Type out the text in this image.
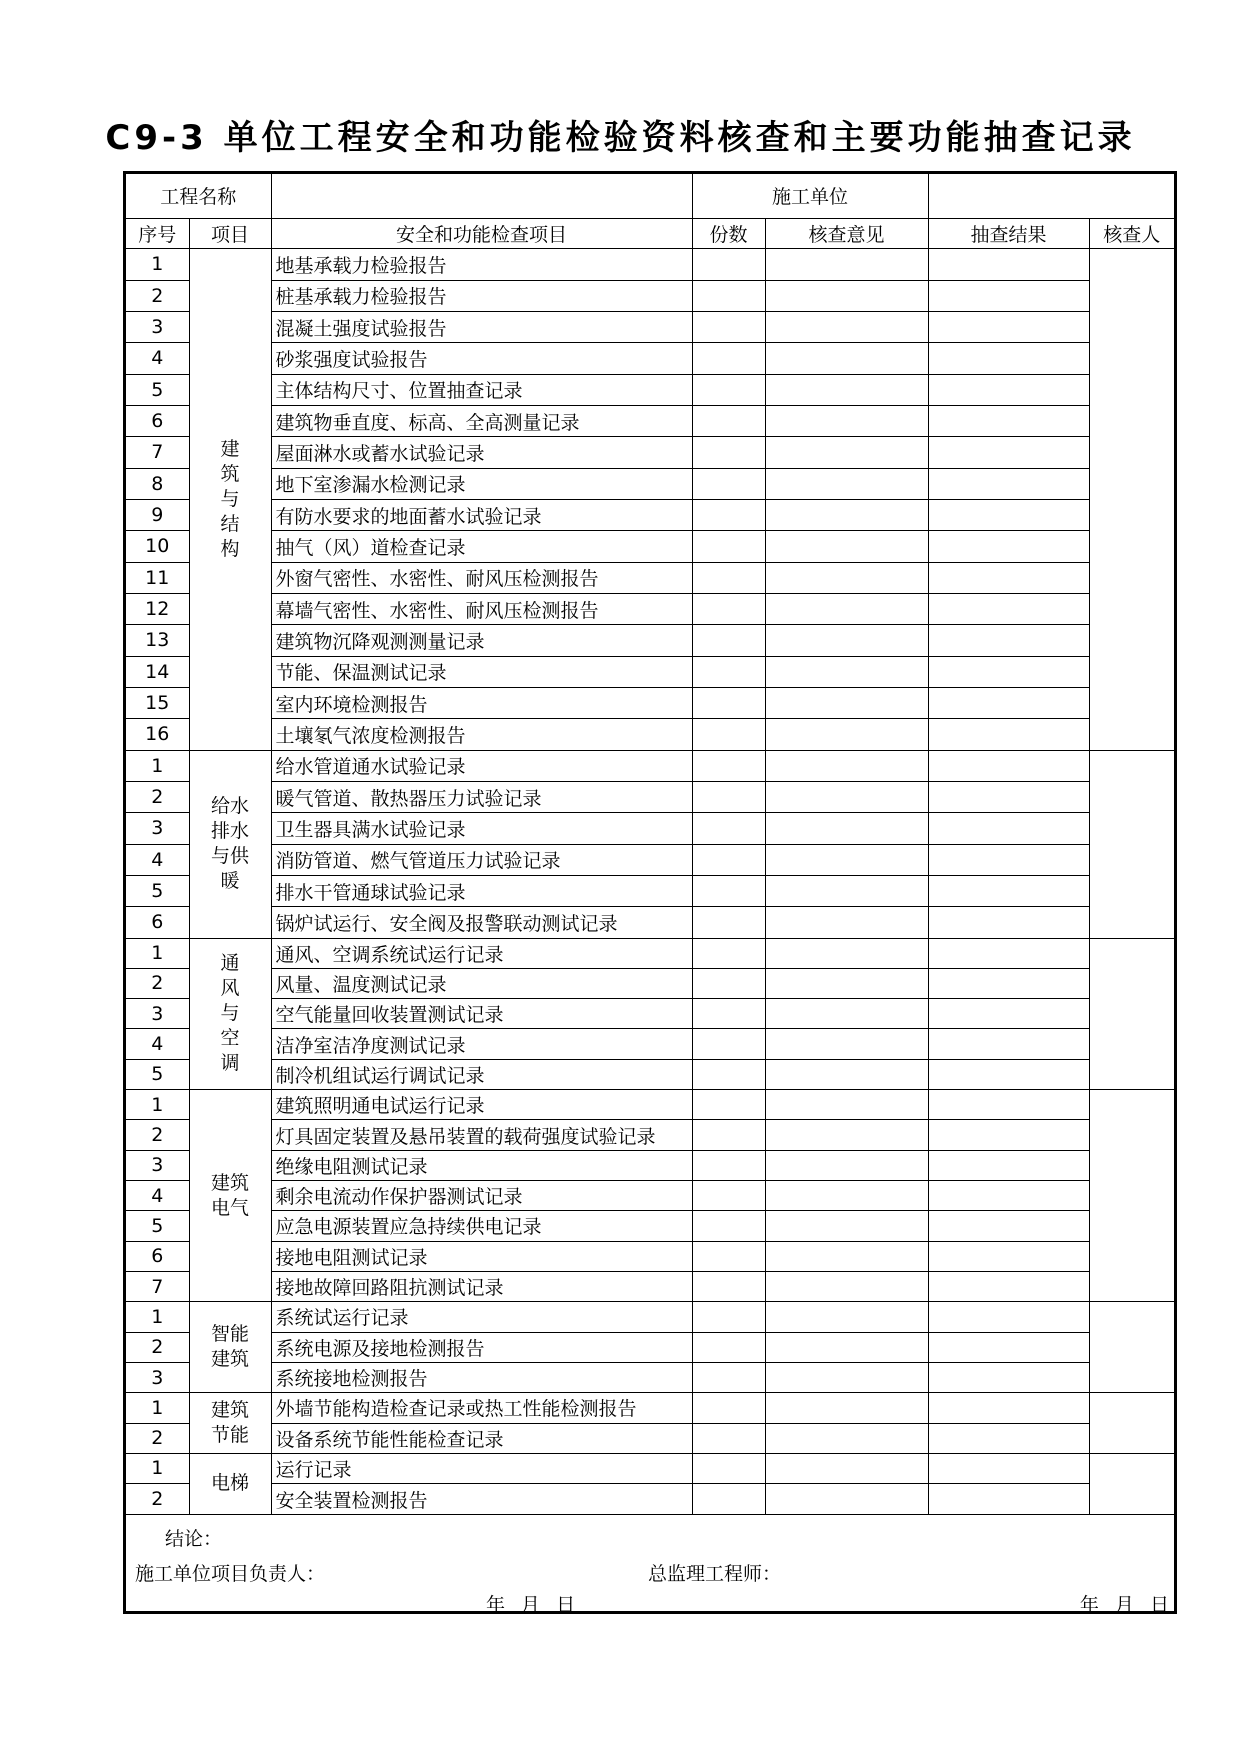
C9-3 单位工程安全和功能检验资料核查和主要功能抽查记录
工程名称			施工单位			
序号	项目	安全和功能检查项目	份数	核查意见	抽查结果	核查人
1	建筑与结构	地基承载力检验报告				
2		桩基承载力检验报告				
3		混凝土强度试验报告				
4		砂浆强度试验报告				
5		主体结构尺寸、位置抽查记录				
6		建筑物垂直度、标高、全高测量记录				
7		屋面淋水或蓄水试验记录				
8		地下室渗漏水检测记录				
9		有防水要求的地面蓄水试验记录				
10		抽气（风）道检查记录				
11		外窗气密性、水密性、耐风压检测报告				
12		幕墙气密性、水密性、耐风压检测报告				
13		建筑物沉降观测测量记录				
14		节能、保温测试记录				
15		室内环境检测报告				
16		土壤氡气浓度检测报告				
1	给水排水与供暖	给水管道通水试验记录				
2		暖气管道、散热器压力试验记录				
3		卫生器具满水试验记录				
4		消防管道、燃气管道压力试验记录				
5		排水干管通球试验记录				
6		锅炉试运行、安全阀及报警联动测试记录				
1	通风与空调	通风、空调系统试运行记录				
2		风量、温度测试记录				
3		空气能量回收装置测试记录				
4		洁净室洁净度测试记录				
5		制冷机组试运行调试记录				
1	建筑电气	建筑照明通电试运行记录				
2		灯具固定装置及悬吊装置的载荷强度试验记录				
3		绝缘电阻测试记录				
4		剩余电流动作保护器测试记录				
5		应急电源装置应急持续供电记录				
6		接地电阻测试记录				
7		接地故障回路阻抗测试记录				
1	智能建筑	系统试运行记录				
2		系统电源及接地检测报告				
3		系统接地检测报告				
1	建筑节能	外墙节能构造检查记录或热工性能检测报告				
2		设备系统节能性能检查记录				
1	电梯	运行记录				
2		安全装置检测报告				
结论：
施工单位项目负责人：	总监理工程师：
年 月 日	年 月 日
